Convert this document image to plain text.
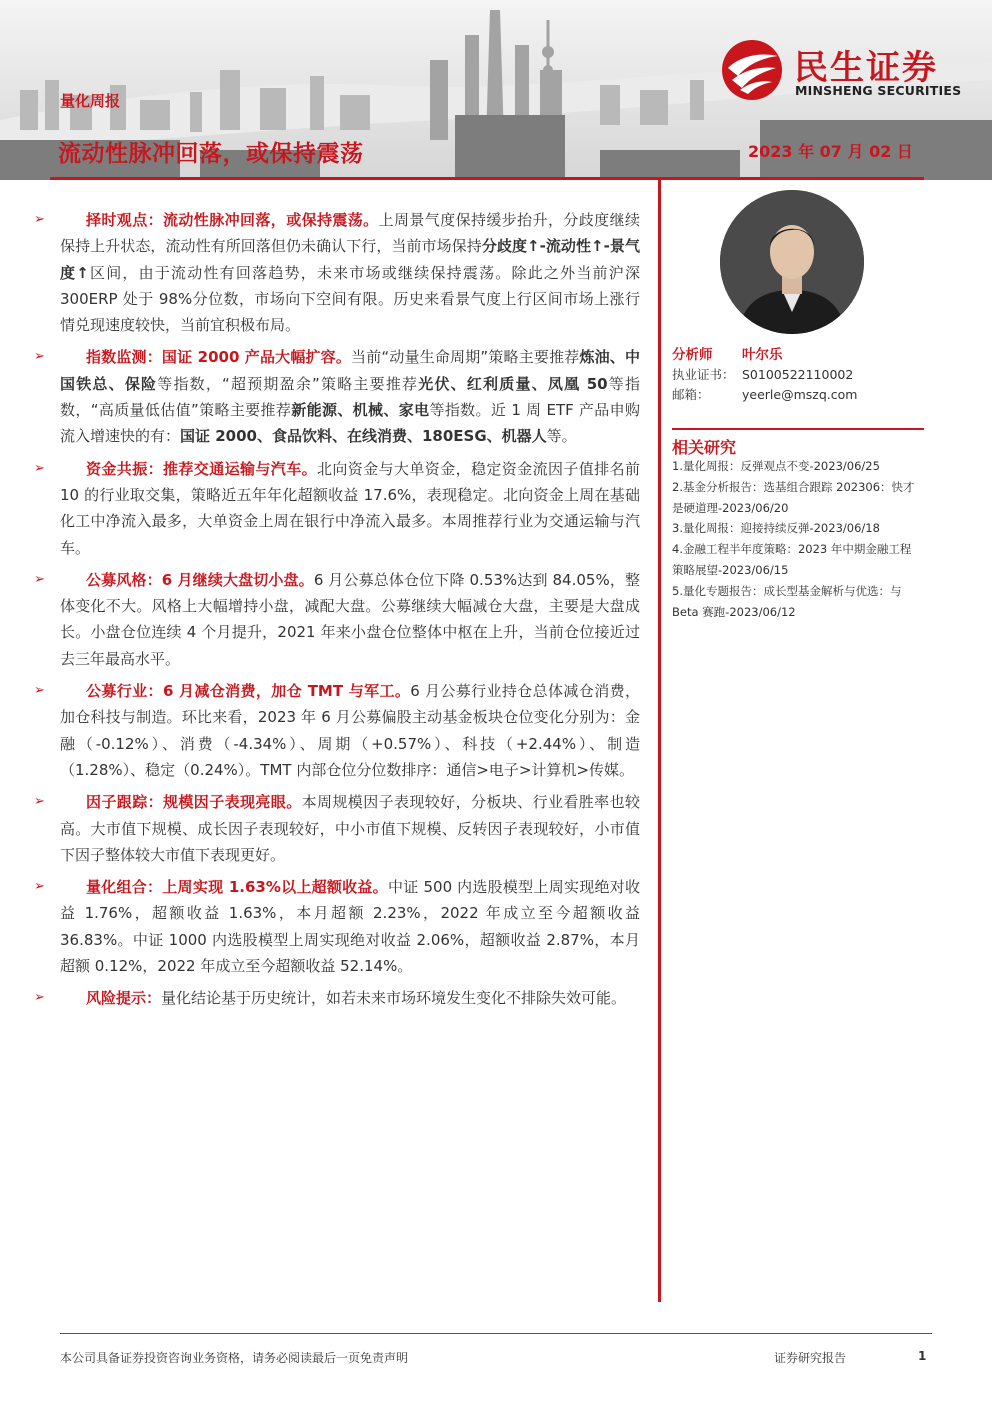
量化周报
流动性脉冲回落，或保持震荡	2023 年 07 月 02 日
民生证券
MINSHENG SECURITIES

➢	择时观点：流动性脉冲回落，或保持震荡。上周景气度保持缓步抬升，分歧度继续保持上升状态，流动性有所回落但仍未确认下行，当前市场保持分歧度↑-流动性↑-景气度↑区间，由于流动性有回落趋势，未来市场或继续保持震荡。除此之外当前沪深 300ERP 处于 98%分位数，市场向下空间有限。历史来看景气度上行区间市场上涨行情兑现速度较快，当前宜积极布局。

➢	指数监测：国证 2000 产品大幅扩容。当前“动量生命周期”策略主要推荐炼油、中国铁总、保险等指数，“超预期盈余”策略主要推荐光伏、红利质量、凤凰 50等指数，“高质量低估值”策略主要推荐新能源、机械、家电等指数。近 1 周 ETF 产品申购流入增速快的有：国证 2000、食品饮料、在线消费、180ESG、机器人等。

➢	资金共振：推荐交通运输与汽车。北向资金与大单资金，稳定资金流因子值排名前 10 的行业取交集，策略近五年年化超额收益 17.6%，表现稳定。北向资金上周在基础化工中净流入最多，大单资金上周在银行中净流入最多。本周推荐行业为交通运输与汽车。

➢	公募风格：6 月继续大盘切小盘。6 月公募总体仓位下降 0.53%达到 84.05%，整体变化不大。风格上大幅增持小盘，减配大盘。公募继续大幅减仓大盘，主要是大盘成长。小盘仓位连续 4 个月提升，2021 年来小盘仓位整体中枢在上升，当前仓位接近过去三年最高水平。

➢	公募行业：6 月减仓消费，加仓 TMT 与军工。6 月公募行业持仓总体减仓消费，加仓科技与制造。环比来看，2023 年 6 月公募偏股主动基金板块仓位变化分别为：金融（-0.12%）、消费（-4.34%）、周期（+0.57%）、科技（+2.44%）、制造（1.28%）、稳定（0.24%）。TMT 内部仓位分位数排序：通信>电子>计算机>传媒。

➢	因子跟踪：规模因子表现亮眼。本周规模因子表现较好，分板块、行业看胜率也较高。大市值下规模、成长因子表现较好，中小市值下规模、反转因子表现较好，小市值下因子整体较大市值下表现更好。

➢	量化组合：上周实现 1.63%以上超额收益。中证 500 内选股模型上周实现绝对收益 1.76%，超额收益 1.63%，本月超额 2.23%，2022 年成立至今超额收益 36.83%。中证 1000 内选股模型上周实现绝对收益 2.06%，超额收益 2.87%，本月超额 0.12%，2022 年成立至今超额收益 52.14%。

➢	风险提示：量化结论基于历史统计，如若未来市场环境发生变化不排除失效可能。

分析师	叶尔乐
执业证书： S0100522110002
邮箱：	yeerle@mszq.com
相关研究
1.量化周报：反弹观点不变-2023/06/25
2.基金分析报告：选基组合跟踪 202306：快才是硬道理-2023/06/20
3.量化周报：迎接持续反弹-2023/06/18
4.金融工程半年度策略：2023 年中期金融工程策略展望-2023/06/15
5.量化专题报告：成长型基金解析与优选：与 Beta 赛跑-2023/06/12
本公司具备证券投资咨询业务资格，请务必阅读最后一页免责声明	证券研究报告	1
